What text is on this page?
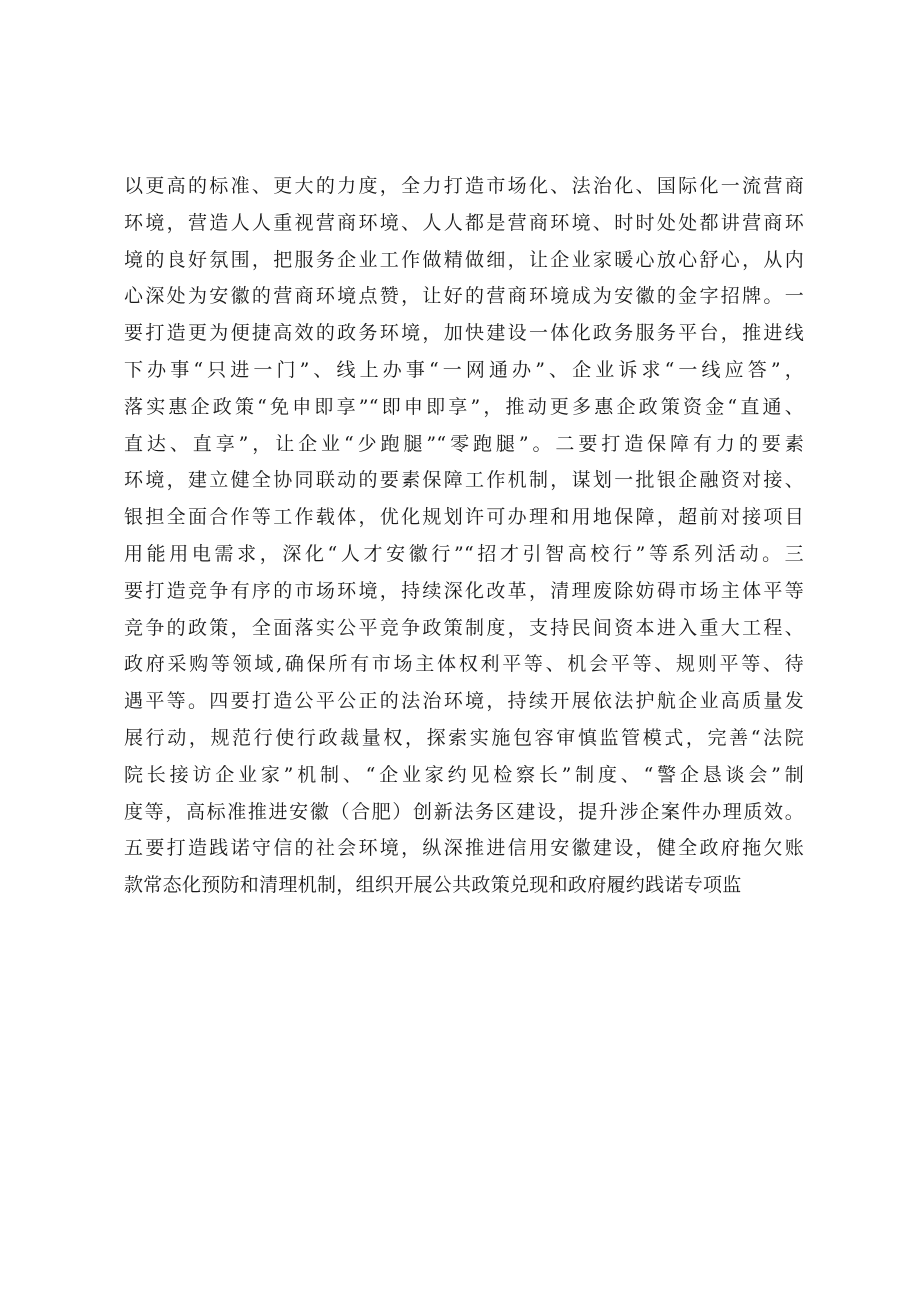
以更高的标准、更大的力度，全力打造市场化、法治化、国际化一流营商
环境，营造人人重视营商环境、人人都是营商环境、时时处处都讲营商环
境的良好氛围，把服务企业工作做精做细，让企业家暖心放心舒心，从内
心深处为安徽的营商环境点赞，让好的营商环境成为安徽的金字招牌。一
要打造更为便捷高效的政务环境，加快建设一体化政务服务平台，推进线
下办事“只进一门”、线上办事“一网通办”、企业诉求“一线应答”，
落实惠企政策“免申即享”“即申即享”，推动更多惠企政策资金“直通、
直达、直享”，让企业“少跑腿”“零跑腿”。二要打造保障有力的要素
环境，建立健全协同联动的要素保障工作机制，谋划一批银企融资对接、
银担全面合作等工作载体，优化规划许可办理和用地保障，超前对接项目
用能用电需求，深化“人才安徽行”“招才引智高校行”等系列活动。三
要打造竞争有序的市场环境，持续深化改革，清理废除妨碍市场主体平等
竞争的政策，全面落实公平竞争政策制度，支持民间资本进入重大工程、
政府采购等领域,确保所有市场主体权利平等、机会平等、规则平等、待
遇平等。四要打造公平公正的法治环境，持续开展依法护航企业高质量发
展行动，规范行使行政裁量权，探索实施包容审慎监管模式，完善“法院
院长接访企业家”机制、“企业家约见检察长”制度、“警企恳谈会”制
度等，高标准推进安徽（合肥）创新法务区建设，提升涉企案件办理质效。
五要打造践诺守信的社会环境，纵深推进信用安徽建设，健全政府拖欠账
款常态化预防和清理机制，组织开展公共政策兑现和政府履约践诺专项监
